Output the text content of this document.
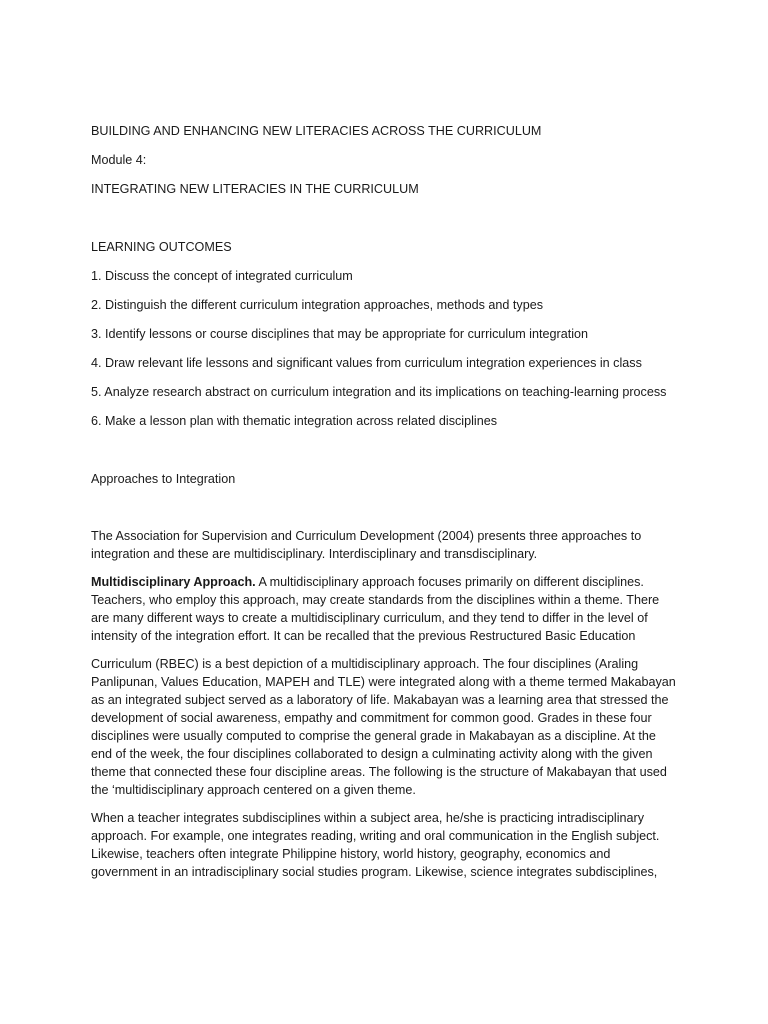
BUILDING AND ENHANCING NEW LITERACIES ACROSS THE CURRICULUM

Module 4:

INTEGRATING NEW LITERACIES IN THE CURRICULUM

LEARNING OUTCOMES

1. Discuss the concept of integrated curriculum

2. Distinguish the different curriculum integration approaches, methods and types

3. Identify lessons or course disciplines that may be appropriate for curriculum integration

4. Draw relevant life lessons and significant values from curriculum integration experiences in class

5. Analyze research abstract on curriculum integration and its implications on teaching-learning process

6. Make a lesson plan with thematic integration across related disciplines

Approaches to Integration

The Association for Supervision and Curriculum Development (2004) presents three approaches to

integration and these are multidisciplinary. Interdisciplinary and transdisciplinary.

Multidisciplinary Approach. A multidisciplinary approach focuses primarily on different disciplines.

Teachers, who employ this approach, may create standards from the disciplines within a theme. There

are many different ways to create a multidisciplinary curriculum, and they tend to differ in the level of

intensity of the integration effort. It can be recalled that the previous Restructured Basic Education

Curriculum (RBEC) is a best depiction of a multidisciplinary approach. The four disciplines (Araling

Panlipunan, Values Education, MAPEH and TLE) were integrated along with a theme termed Makabayan

as an integrated subject served as a laboratory of life. Makabayan was a learning area that stressed the

development of social awareness, empathy and commitment for common good. Grades in these four

disciplines were usually computed to comprise the general grade in Makabayan as a discipline. At the

end of the week, the four disciplines collaborated to design a culminating activity along with the given

theme that connected these four discipline areas. The following is the structure of Makabayan that used

the ‘multidisciplinary approach centered on a given theme.

When a teacher integrates subdisciplines within a subject area, he/she is practicing intradisciplinary

approach. For example, one integrates reading, writing and oral communication in the English subject.

Likewise, teachers often integrate Philippine history, world history, geography, economics and

government in an intradisciplinary social studies program. Likewise, science integrates subdisciplines,
